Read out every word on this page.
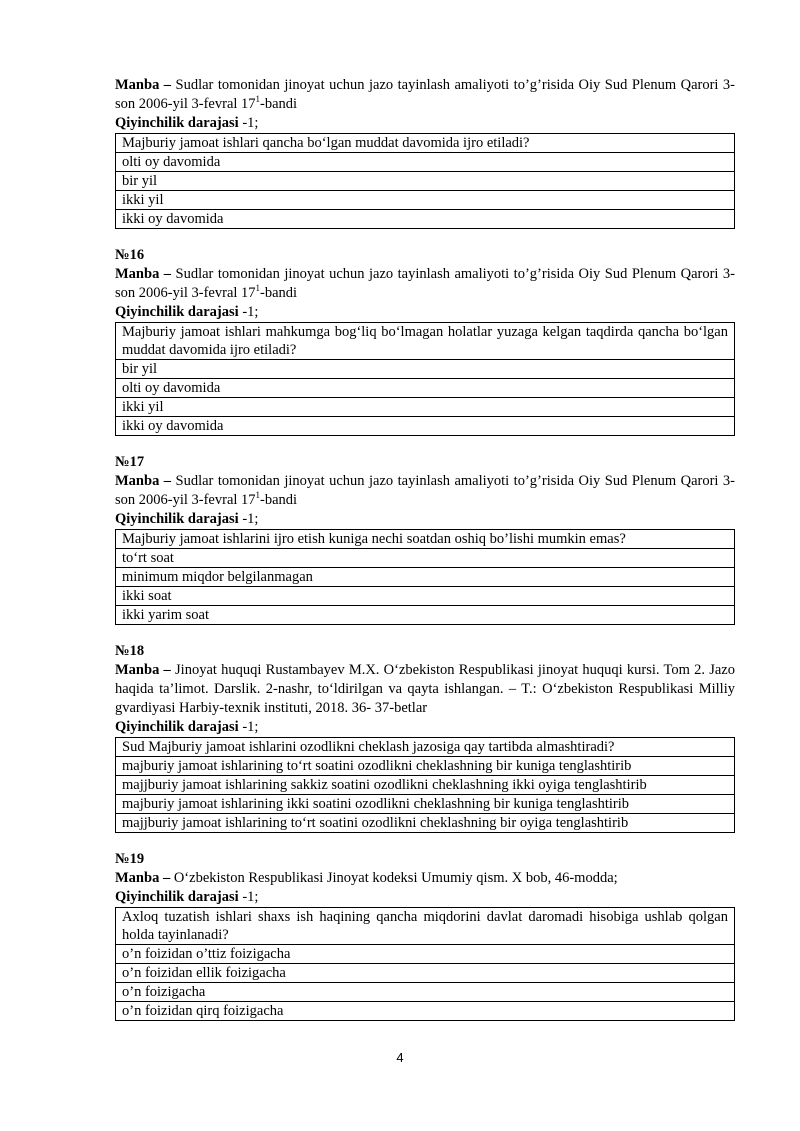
Manba – Sudlar tomonidan jinoyat uchun jazo tayinlash amaliyoti to’g’risida Oiy Sud Plenum Qarori 3-son 2006-yil 3-fevral $17^1$-bandi
Qiyinchilik darajasi -1;
Majburiy jamoat ishlari qancha bo‘lgan muddat davomida ijro etiladi?
olti oy davomida
bir yil
ikki yil
ikki oy davomida
№16
Manba – Sudlar tomonidan jinoyat uchun jazo tayinlash amaliyoti to’g’risida Oiy Sud Plenum Qarori 3-son 2006-yil 3-fevral $17^1$-bandi
Qiyinchilik darajasi -1;
Majburiy jamoat ishlari mahkumga bog‘liq bo‘lmagan holatlar yuzaga kelgan taqdirda qancha bo‘lgan muddat davomida ijro etiladi?
bir yil
olti oy davomida
ikki yil
ikki oy davomida
№17
Manba – Sudlar tomonidan jinoyat uchun jazo tayinlash amaliyoti to’g’risida Oiy Sud Plenum Qarori 3-son 2006-yil 3-fevral $17^1$-bandi
Qiyinchilik darajasi -1;
Majburiy jamoat ishlarini ijro etish kuniga nechi soatdan oshiq bo’lishi mumkin emas?
to‘rt soat
minimum miqdor belgilanmagan
ikki soat
ikki yarim soat
№18
Manba – Jinoyat huquqi Rustambayev M.X. O‘zbekiston Respublikasi jinoyat huquqi kursi. Tom 2. Jazo haqida ta’limot. Darslik. 2-nashr, to‘ldirilgan va qayta ishlangan. – T.: O‘zbekiston Respublikasi Milliy gvardiyasi Harbiy-texnik instituti, 2018. 36- 37-betlar
Qiyinchilik darajasi -1;
Sud Majburiy jamoat ishlarini ozodlikni cheklash jazosiga qay tartibda almashtiradi?
majburiy jamoat ishlarining to‘rt soatini ozodlikni cheklashning bir kuniga tenglashtirib
majjburiy jamoat ishlarining sakkiz soatini ozodlikni cheklashning ikki oyiga tenglashtirib
majburiy jamoat ishlarining ikki soatini ozodlikni cheklashning bir kuniga tenglashtirib
majjburiy jamoat ishlarining to‘rt soatini ozodlikni cheklashning bir oyiga tenglashtirib
№19
Manba – O‘zbekiston Respublikasi Jinoyat kodeksi Umumiy qism. X bob, 46-modda;
Qiyinchilik darajasi -1;
Axloq tuzatish ishlari shaxs ish haqining qancha miqdorini davlat daromadi hisobiga ushlab qolgan holda tayinlanadi?
o’n foizidan o’ttiz foizigacha
o’n foizidan ellik foizigacha
o’n foizigacha
o’n foizidan qirq foizigacha
4
